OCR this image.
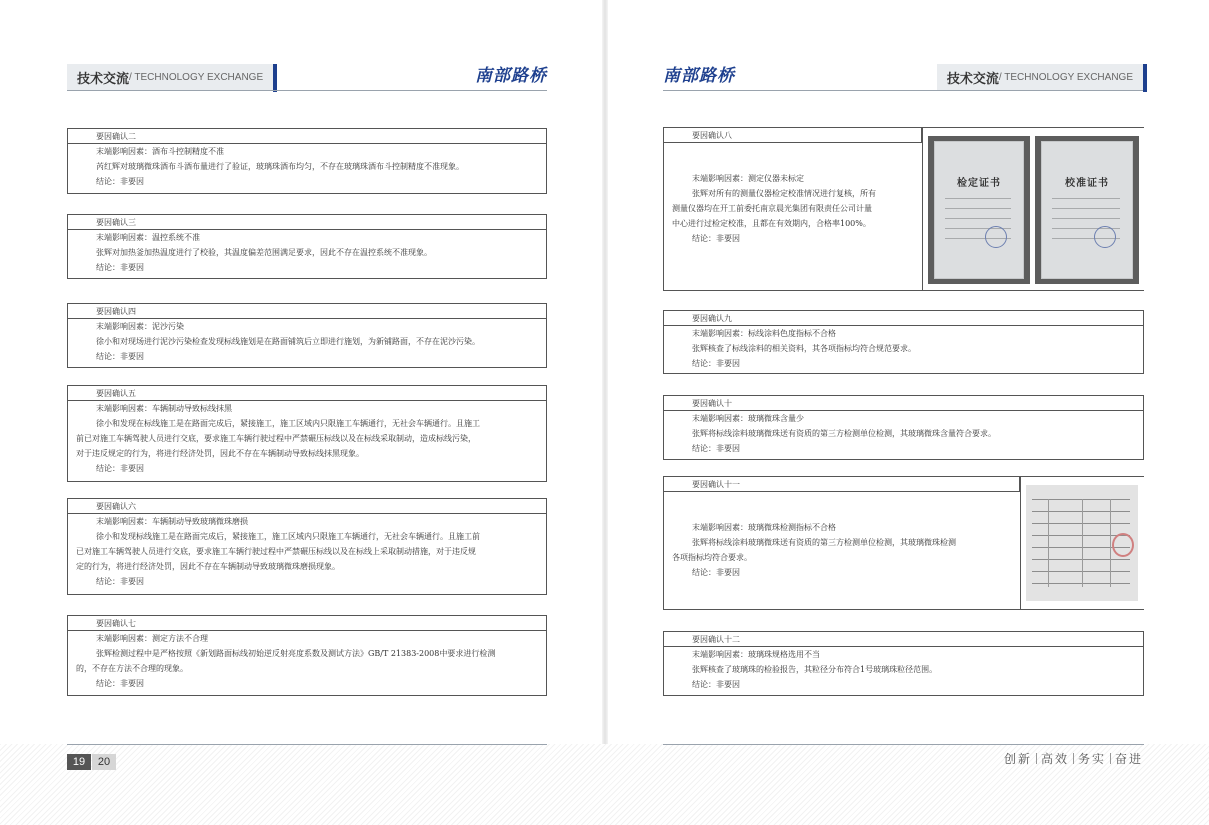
技术交流 / TECHNOLOGY EXCHANGE	南部路桥	南部路桥	技术交流 / TECHNOLOGY EXCHANGE
要因确认二
末端影响因素：酒布斗控制精度不准
芮红辉对玻璃微珠酒布斗酒布量进行了验证，玻璃珠酒布均匀，不存在玻璃珠酒布斗控制精度不准现象。
结论：非要因
要因确认三
末端影响因素：温控系统不准
张辉对加热釜加热温度进行了校验，其温度偏差范围满足要求，因此不存在温控系统不准现象。
结论：非要因
要因确认四
末端影响因素：泥沙污染
徐小和对现场进行泥沙污染检查发现标线施划是在路面铺筑后立即进行施划，为新铺路面，不存在泥沙污染。
结论：非要因
要因确认五
末端影响因素：车辆制动导致标线抹黑
徐小和发现在标线施工是在路面完成后，紧接施工，施工区域内只限施工车辆通行，无社会车辆通行。且施工
前已对施工车辆驾驶人员进行交底，要求施工车辆行驶过程中严禁碾压标线以及在标线采取制动，造成标线污染，
对于违反规定的行为，将进行经济处罚，因此不存在车辆制动导致标线抹黑现象。
结论：非要因
要因确认六
末端影响因素：车辆制动导致玻璃微珠磨损
徐小和发现标线施工是在路面完成后，紧接施工，施工区域内只限施工车辆通行，无社会车辆通行。且施工前
已对施工车辆驾驶人员进行交底，要求施工车辆行驶过程中严禁碾压标线以及在标线上采取制动措施，对于违反规
定的行为，将进行经济处罚，因此不存在车辆制动导致玻璃微珠磨损现象。
结论：非要因
要因确认七
末端影响因素：测定方法不合理
张辉检测过程中是严格按照《新划路面标线初始逆反射亮度系数及测试方法》GB/T 21383-2008中要求进行检测
的，不存在方法不合理的现象。
结论：非要因
要因确认八
末端影响因素：测定仪器未标定
张辉对所有的测量仪器检定校准情况进行复核，所有
测量仪器均在开工前委托南京晨光集团有限责任公司计量
中心进行过检定校准，且都在有效期内，合格率100%。
结论：非要因
检定证书	校准证书
要因确认九
末端影响因素：标线涂料色度指标不合格
张辉核查了标线涂料的相关资料，其各项指标均符合规范要求。
结论：非要因
要因确认十
末端影响因素：玻璃微珠含量少
张辉将标线涂料玻璃微珠送有资质的第三方检测单位检测，其玻璃微珠含量符合要求。
结论：非要因
要因确认十一
末端影响因素：玻璃微珠检测指标不合格
张辉将标线涂料玻璃微珠送有资质的第三方检测单位检测，其玻璃微珠检测
各项指标均符合要求。
结论：非要因
要因确认十二
末端影响因素：玻璃珠规格选用不当
张辉核查了玻璃珠的检验报告，其粒径分布符合1号玻璃珠粒径范围。
结论：非要因
19	20	创新 高效 务实 奋进
